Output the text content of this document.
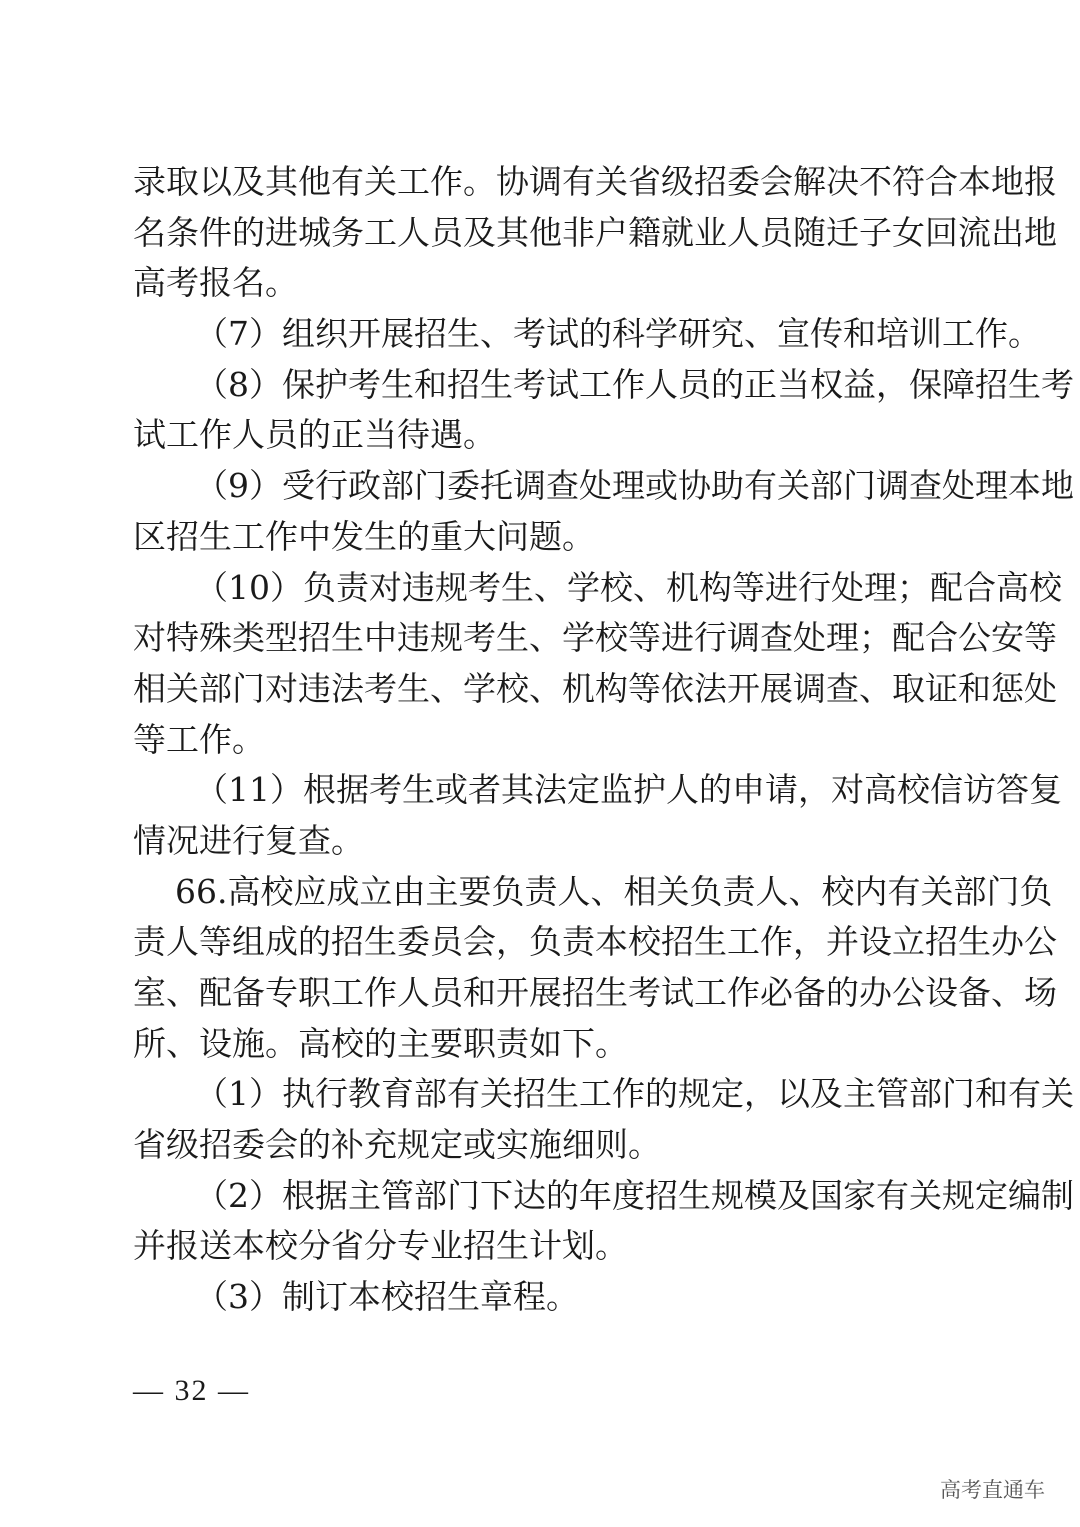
录取以及其他有关工作。协调有关省级招委会解决不符合本地报
名条件的进城务工人员及其他非户籍就业人员随迁子女回流出地
高考报名。
（7）组织开展招生、考试的科学研究、宣传和培训工作。
（8）保护考生和招生考试工作人员的正当权益，保障招生考
试工作人员的正当待遇。
（9）受行政部门委托调查处理或协助有关部门调查处理本地
区招生工作中发生的重大问题。
（10）负责对违规考生、学校、机构等进行处理；配合高校
对特殊类型招生中违规考生、学校等进行调查处理；配合公安等
相关部门对违法考生、学校、机构等依法开展调查、取证和惩处
等工作。
（11）根据考生或者其法定监护人的申请，对高校信访答复
情况进行复查。
66.高校应成立由主要负责人、相关负责人、校内有关部门负
责人等组成的招生委员会，负责本校招生工作，并设立招生办公
室、配备专职工作人员和开展招生考试工作必备的办公设备、场
所、设施。高校的主要职责如下。
（1）执行教育部有关招生工作的规定，以及主管部门和有关
省级招委会的补充规定或实施细则。
（2）根据主管部门下达的年度招生规模及国家有关规定编制
并报送本校分省分专业招生计划。
（3）制订本校招生章程。
— 32 —
高考直通车
